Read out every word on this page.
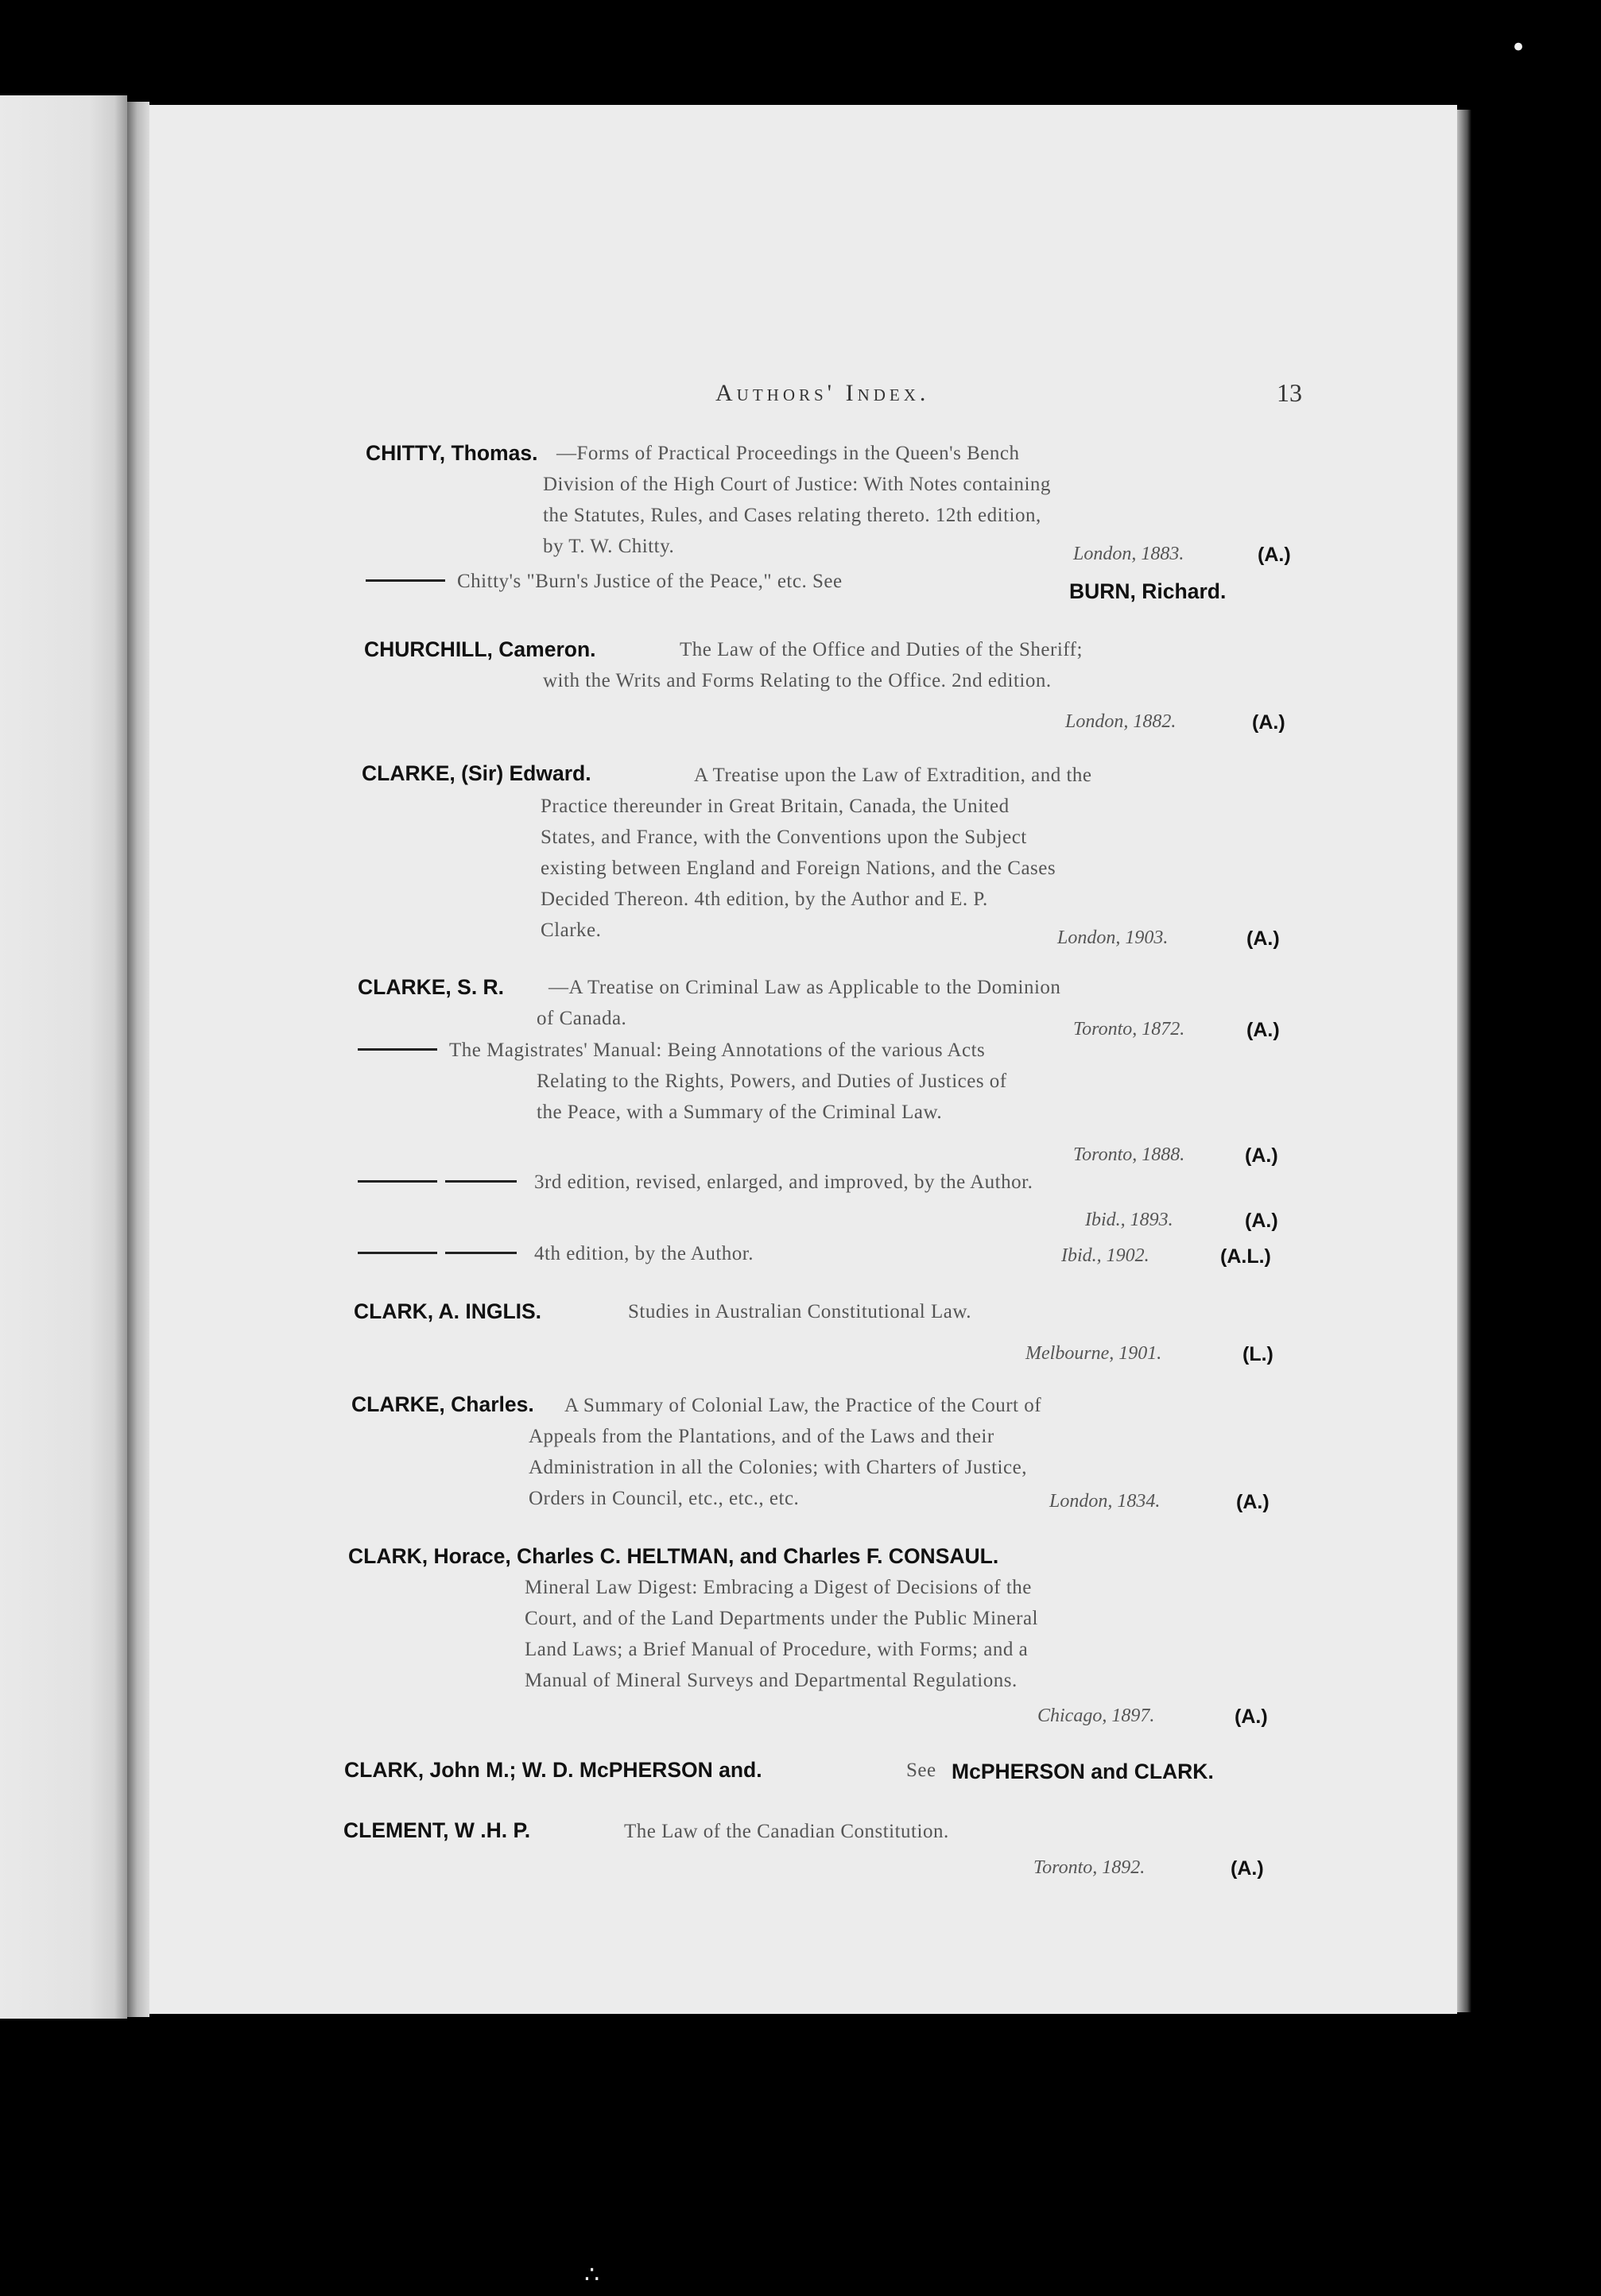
•
∴
Authors' Index.	13
CHITTY, Thomas. —Forms of Practical Proceedings in the Queen's Bench
Division of the High Court of Justice: With Notes containing
the Statutes, Rules, and Cases relating thereto. 12th edition,
by T. W. Chitty.	London, 1883.	(A.)
Chitty's "Burn's Justice of the Peace," etc. See	BURN, Richard.
CHURCHILL, Cameron.	The Law of the Office and Duties of the Sheriff;
with the Writs and Forms Relating to the Office. 2nd edition.
London, 1882.	(A.)
CLARKE, (Sir) Edward.	A Treatise upon the Law of Extradition, and the
Practice thereunder in Great Britain, Canada, the United
States, and France, with the Conventions upon the Subject
existing between England and Foreign Nations, and the Cases
Decided Thereon. 4th edition, by the Author and E. P.
Clarke.	London, 1903.	(A.)
CLARKE, S. R. —A Treatise on Criminal Law as Applicable to the Dominion
of Canada.	Toronto, 1872.	(A.)
The Magistrates' Manual: Being Annotations of the various Acts
Relating to the Rights, Powers, and Duties of Justices of
the Peace, with a Summary of the Criminal Law.
Toronto, 1888.	(A.)
3rd edition, revised, enlarged, and improved, by the Author.
Ibid., 1893.	(A.)
4th edition, by the Author.	Ibid., 1902.	(A.L.)
CLARK, A. INGLIS.	Studies in Australian Constitutional Law.
Melbourne, 1901.	(L.)
CLARKE, Charles. A Summary of Colonial Law, the Practice of the Court of
Appeals from the Plantations, and of the Laws and their
Administration in all the Colonies; with Charters of Justice,
Orders in Council, etc., etc., etc.	London, 1834.	(A.)
CLARK, Horace, Charles C. HELTMAN, and Charles F. CONSAUL.
Mineral Law Digest: Embracing a Digest of Decisions of the
Court, and of the Land Departments under the Public Mineral
Land Laws; a Brief Manual of Procedure, with Forms; and a
Manual of Mineral Surveys and Departmental Regulations.
Chicago, 1897.	(A.)
CLARK, John M.; W. D. McPHERSON and.	See McPHERSON and CLARK.
CLEMENT, W .H. P.	The Law of the Canadian Constitution.
Toronto, 1892.	(A.)
